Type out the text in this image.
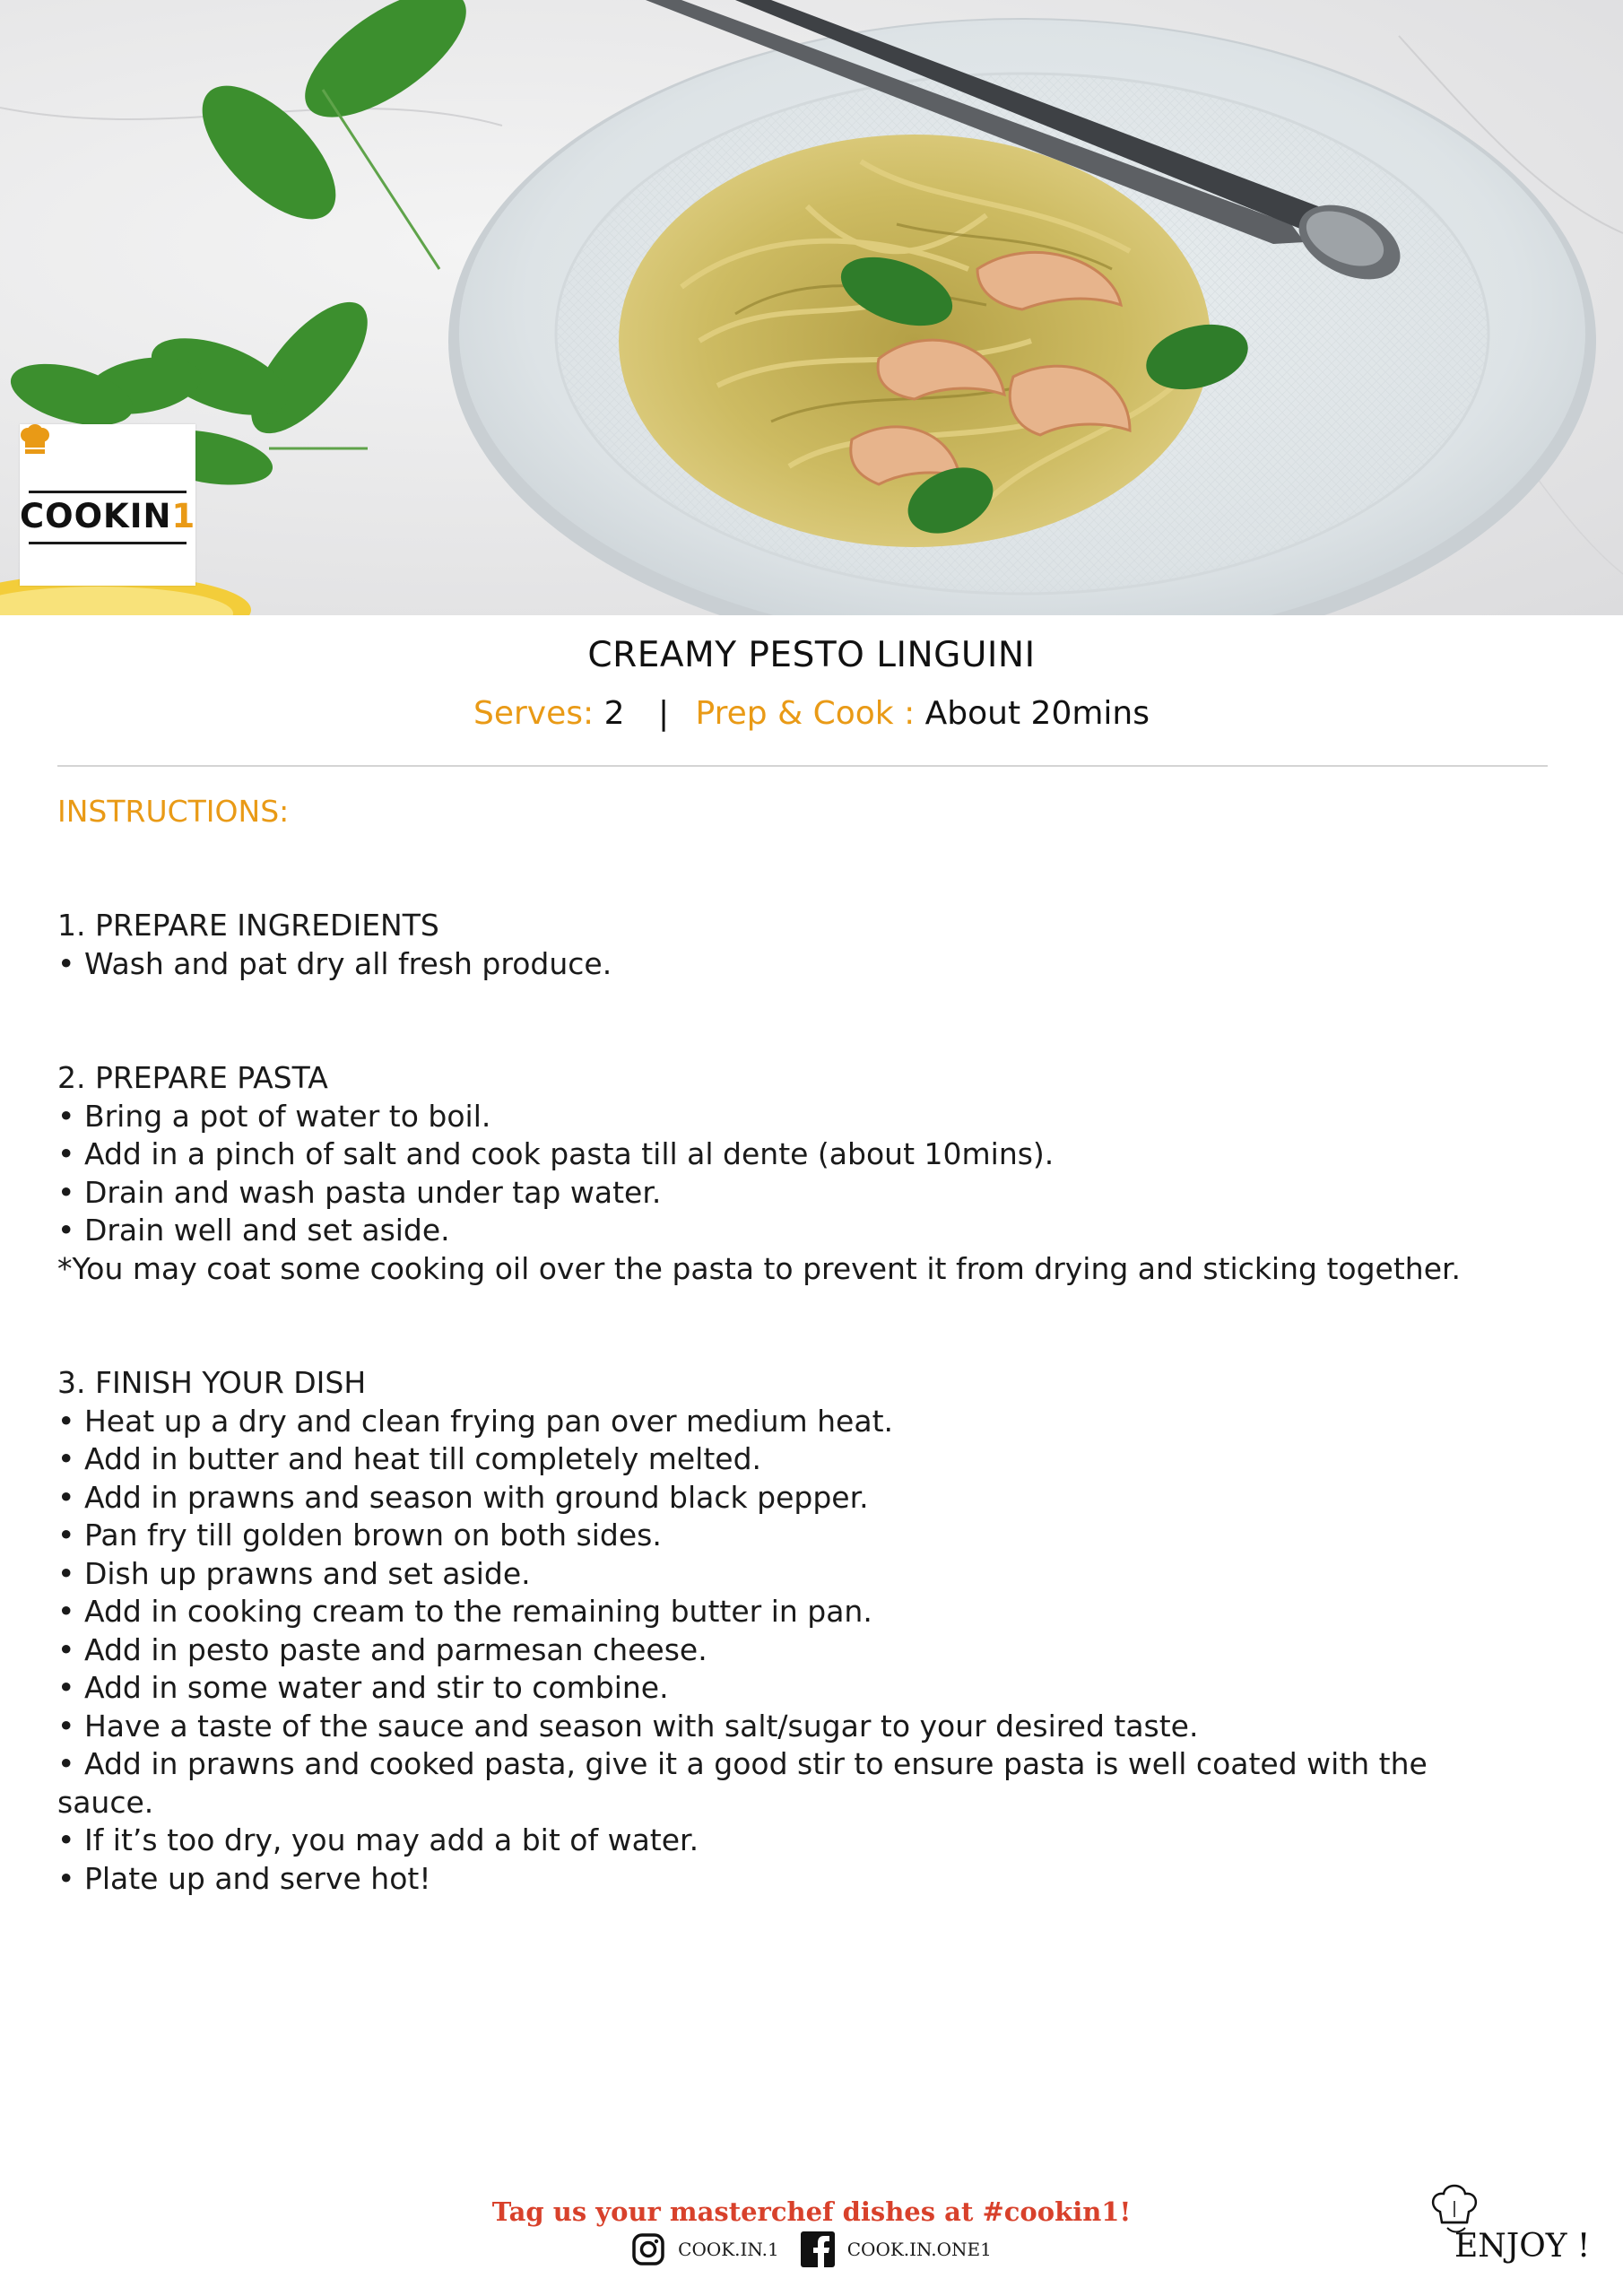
COOKIN1
CREAMY PESTO LINGUINI
Serves: 2 | Prep & Cook : About 20mins
INSTRUCTIONS:
1. PREPARE INGREDIENTS
• Wash and pat dry all fresh produce.
2. PREPARE PASTA
• Bring a pot of water to boil.
• Add in a pinch of salt and cook pasta till al dente (about 10mins).
• Drain and wash pasta under tap water.
• Drain well and set aside.
*You may coat some cooking oil over the pasta to prevent it from drying and sticking together.
3. FINISH YOUR DISH
• Heat up a dry and clean frying pan over medium heat.
• Add in butter and heat till completely melted.
• Add in prawns and season with ground black pepper.
• Pan fry till golden brown on both sides.
• Dish up prawns and set aside.
• Add in cooking cream to the remaining butter in pan.
• Add in pesto paste and parmesan cheese.
• Add in some water and stir to combine.
• Have a taste of the sauce and season with salt/sugar to your desired taste.
• Add in prawns and cooked pasta, give it a good stir to ensure pasta is well coated with the
sauce.
• If it’s too dry, you may add a bit of water.
• Plate up and serve hot!
Tag us your masterchef dishes at #cookin1!
COOK.IN.1	COOK.IN.ONE1	ENJOY !
